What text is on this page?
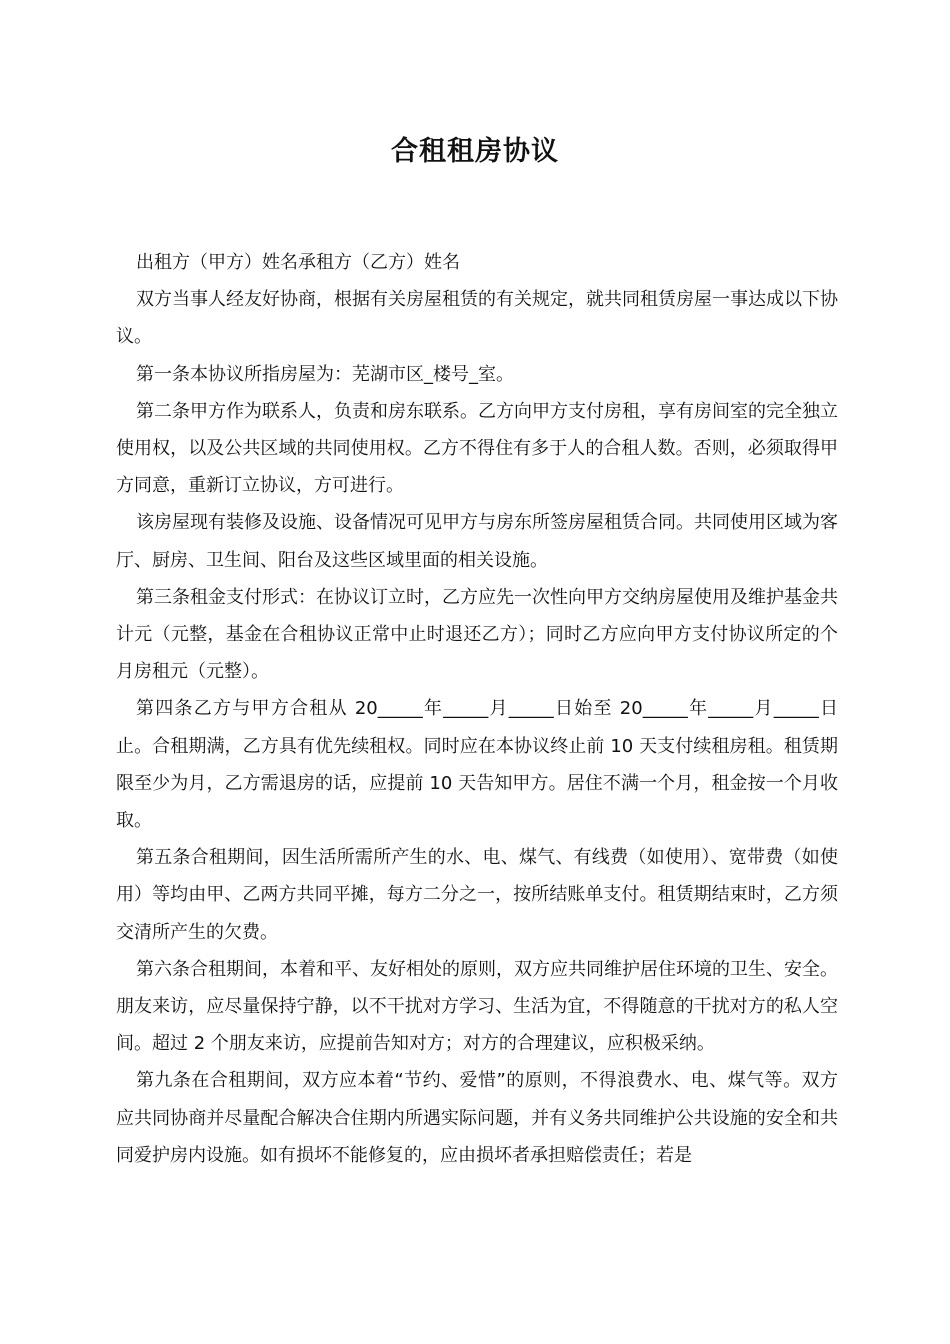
合租租房协议

出租方（甲方）姓名承租方（乙方）姓名

双方当事人经友好协商，根据有关房屋租赁的有关规定，就共同租赁房屋一事达成以下协议。

第一条本协议所指房屋为：芜湖市区_楼号_室。

第二条甲方作为联系人，负责和房东联系。乙方向甲方支付房租，享有房间室的完全独立使用权，以及公共区域的共同使用权。乙方不得住有多于人的合租人数。否则，必须取得甲方同意，重新订立协议，方可进行。

该房屋现有装修及设施、设备情况可见甲方与房东所签房屋租赁合同。共同使用区域为客厅、厨房、卫生间、阳台及这些区域里面的相关设施。

第三条租金支付形式：在协议订立时，乙方应先一次性向甲方交纳房屋使用及维护基金共计元（元整，基金在合租协议正常中止时退还乙方）；同时乙方应向甲方支付协议所定的个月房租元（元整）。

第四条乙方与甲方合租从 20_____年_____月_____日始至 20_____年_____月_____日止。合租期满，乙方具有优先续租权。同时应在本协议终止前 10 天支付续租房租。租赁期限至少为月，乙方需退房的话，应提前 10 天告知甲方。居住不满一个月，租金按一个月收取。

第五条合租期间，因生活所需所产生的水、电、煤气、有线费（如使用）、宽带费（如使用）等均由甲、乙两方共同平摊，每方二分之一，按所结账单支付。租赁期结束时，乙方须交清所产生的欠费。

第六条合租期间，本着和平、友好相处的原则，双方应共同维护居住环境的卫生、安全。朋友来访，应尽量保持宁静，以不干扰对方学习、生活为宜，不得随意的干扰对方的私人空间。超过 2 个朋友来访，应提前告知对方；对方的合理建议，应积极采纳。

第九条在合租期间，双方应本着“节约、爱惜”的原则，不得浪费水、电、煤气等。双方应共同协商并尽量配合解决合住期内所遇实际问题，并有义务共同维护公共设施的安全和共同爱护房内设施。如有损坏不能修复的，应由损坏者承担赔偿责任；若是
